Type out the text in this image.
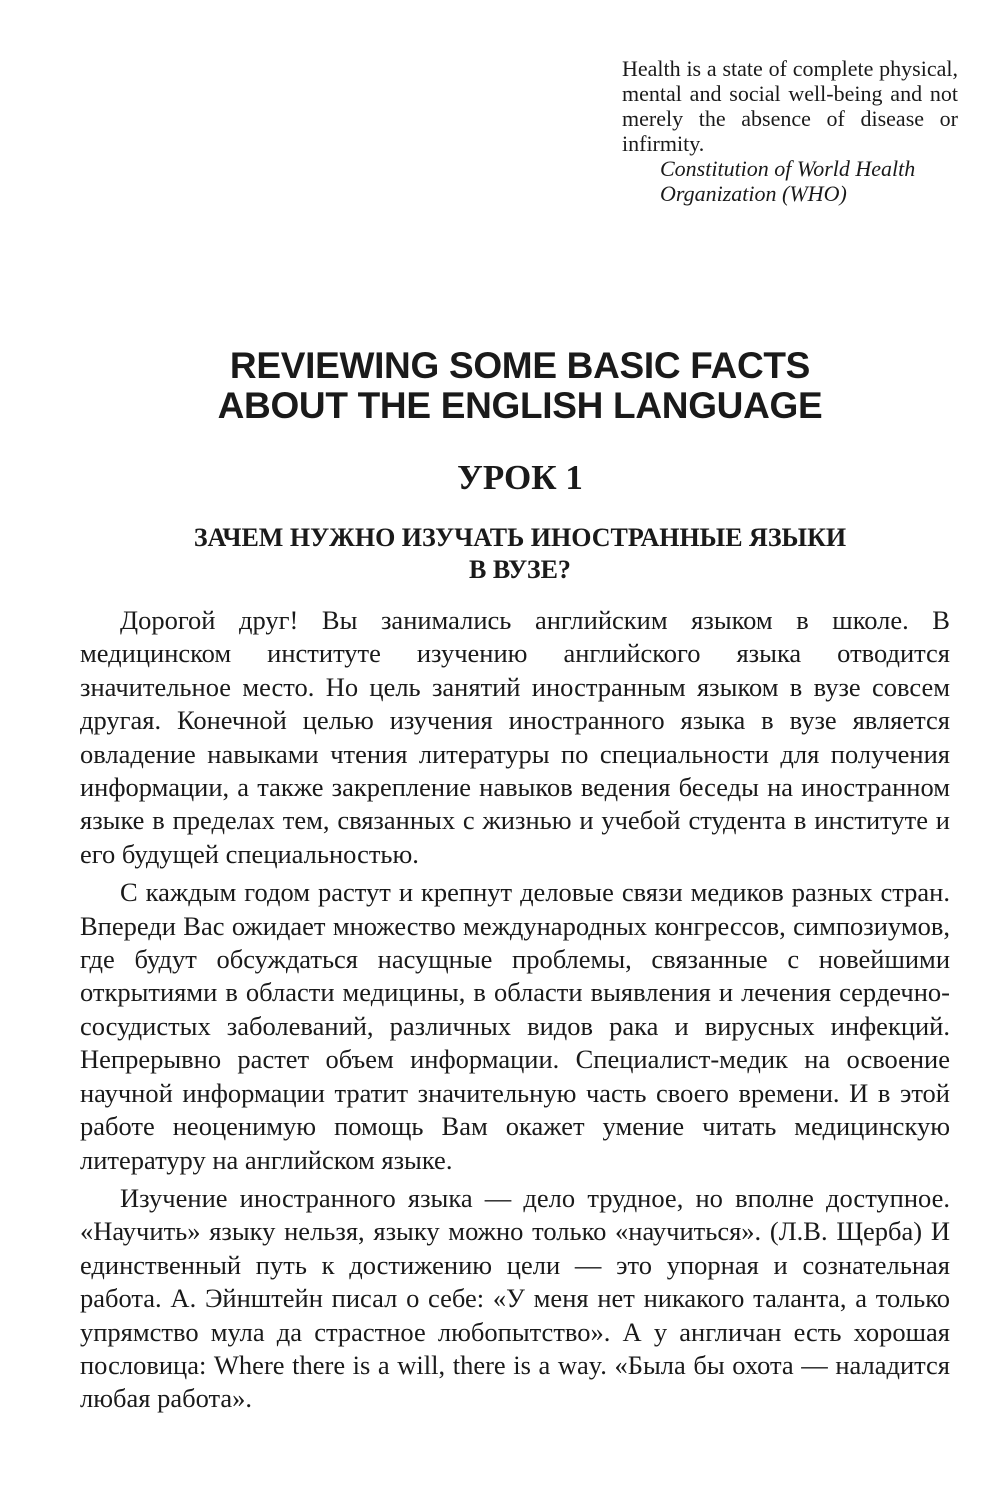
Health is a state of complete physical, mental and social well-being and not merely the absence of disease or infirmity.

Constitution of World Health
Organization (WHO)

REVIEWING SOME BASIC FACTS
ABOUT THE ENGLISH LANGUAGE
УРОК 1
ЗАЧЕМ НУЖНО ИЗУЧАТЬ ИНОСТРАННЫЕ ЯЗЫКИ
В ВУЗЕ?

Дорогой друг! Вы занимались английским языком в школе. В медицинском институте изучению английского языка отводится значительное место. Но цель занятий иностранным языком в вузе совсем другая. Конечной целью изучения иностранного языка в вузе является овладение навыками чтения литературы по специальности для получения информации, а также закрепление навыков ведения беседы на иностранном языке в пределах тем, связанных с жизнью и учебой студента в институте и его будущей специальностью.

С каждым годом растут и крепнут деловые связи медиков разных стран. Впереди Вас ожидает множество международных конгрессов, симпозиумов, где будут обсуждаться насущные проблемы, связанные с новейшими открытиями в области медицины, в области выявления и лечения сердечно-сосудистых заболеваний, различных видов рака и вирусных инфекций. Непрерывно растет объем информации. Специалист-медик на освоение научной информации тратит значительную часть своего времени. И в этой работе неоценимую помощь Вам окажет умение читать медицинскую литературу на английском языке.

Изучение иностранного языка — дело трудное, но вполне доступное. «Научить» языку нельзя, языку можно только «научиться». (Л.В. Щерба) И единственный путь к достижению цели — это упорная и сознательная работа. А. Эйнштейн писал о себе: «У меня нет никакого таланта, а только упрямство мула да страстное любопытство». А у англичан есть хорошая пословица: Where there is a will, there is a way. «Была бы охота — наладится любая работа».
